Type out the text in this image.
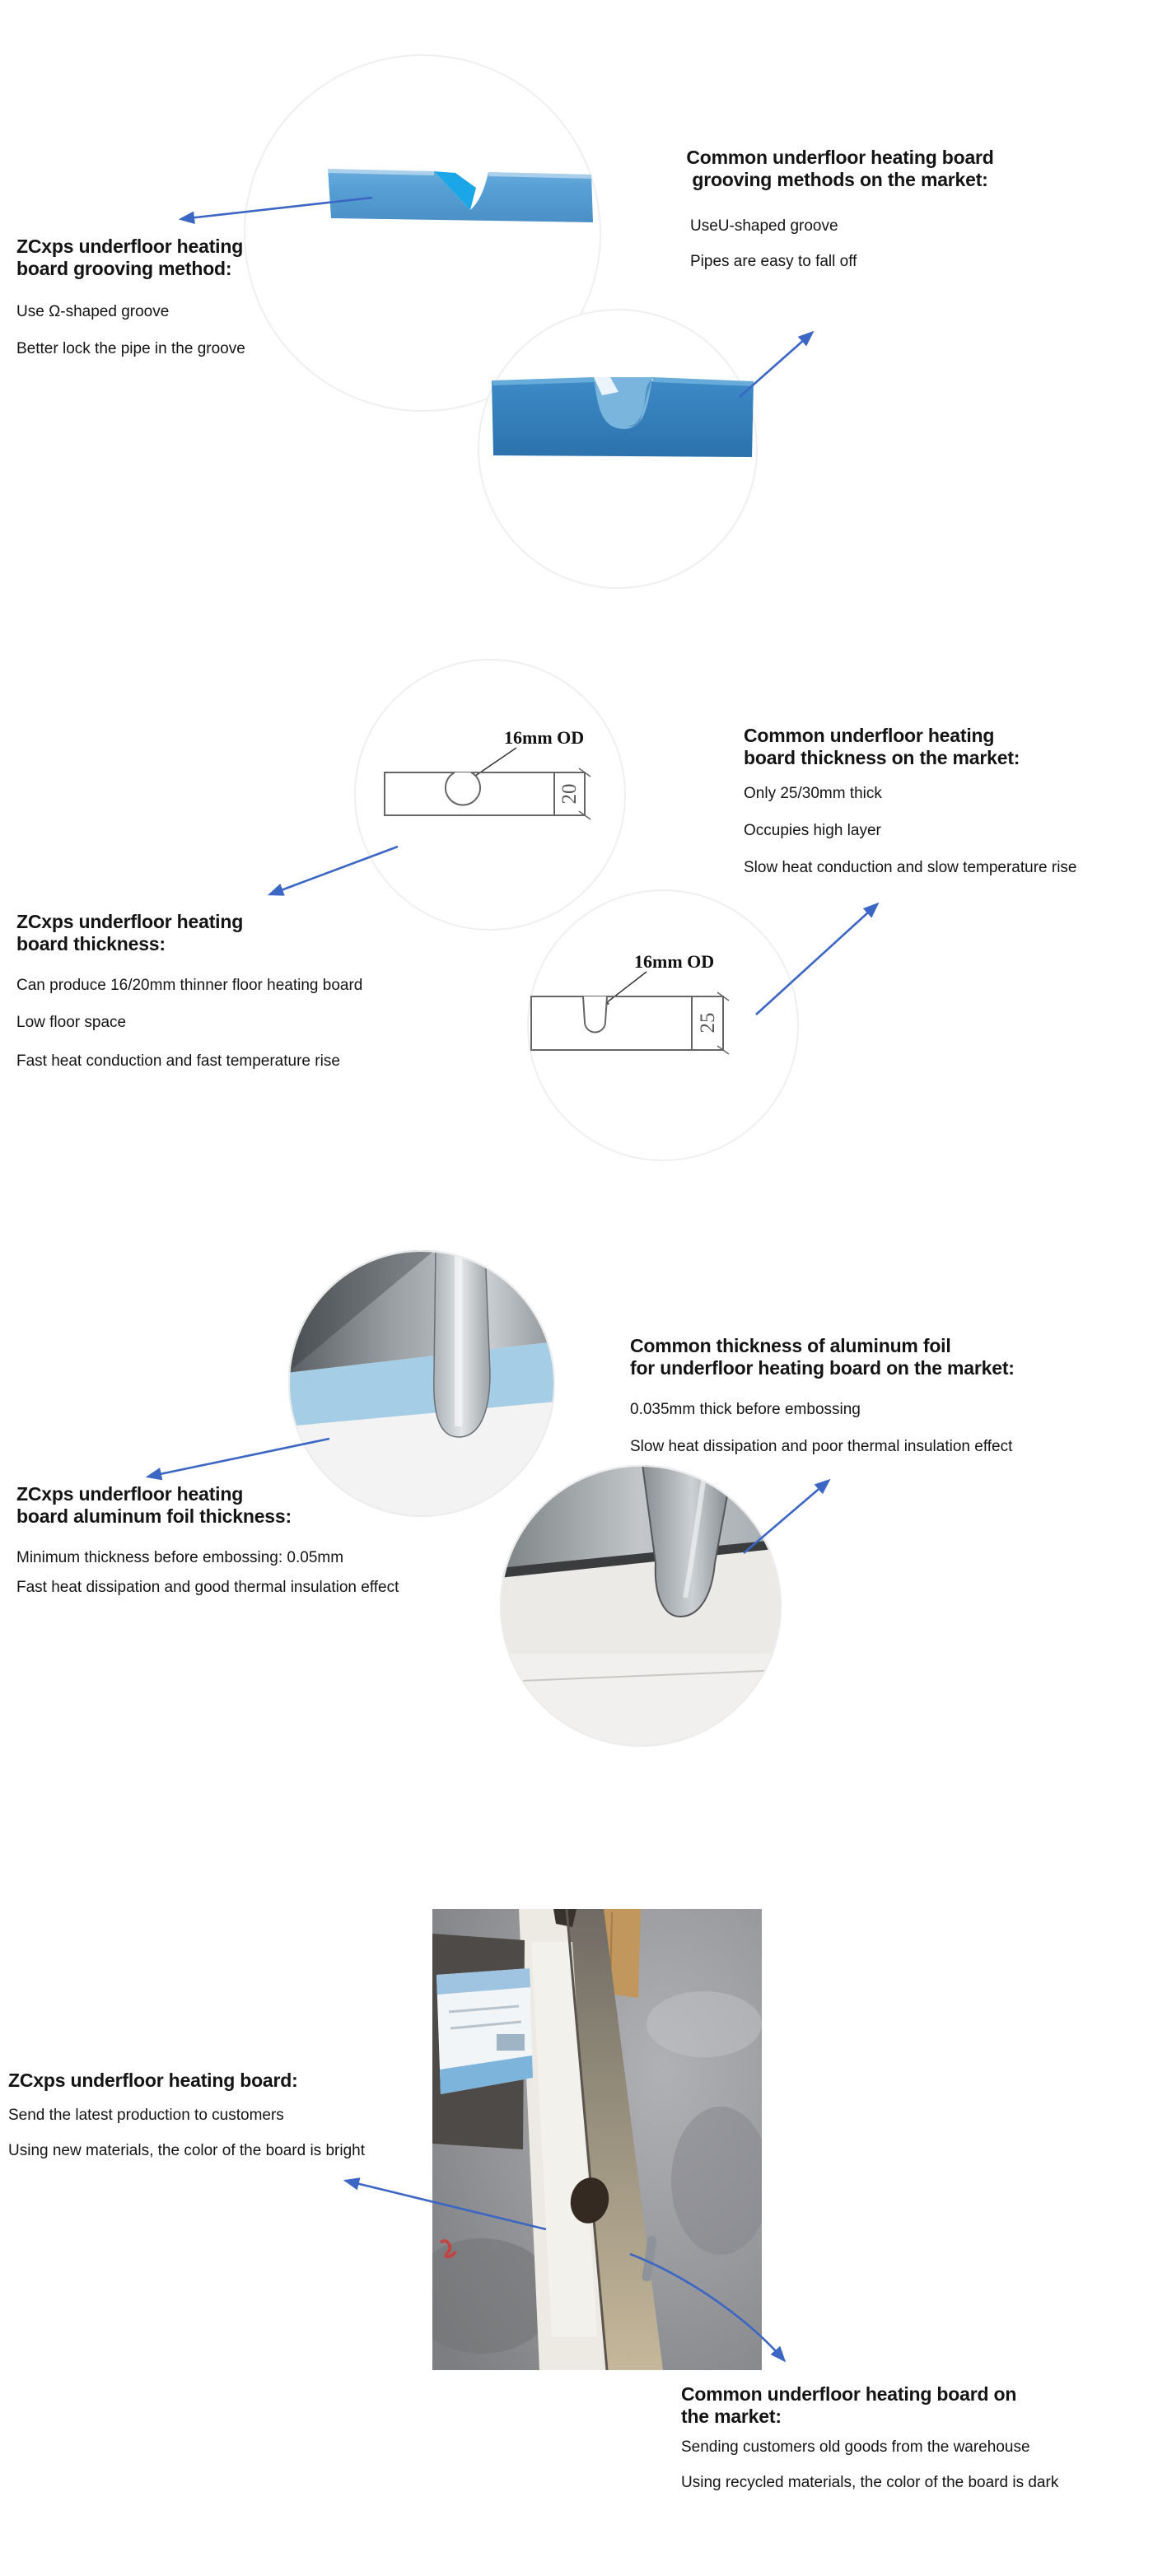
ZCxps underfloor heating
board grooving method:
Use Ω-shaped groove
Better lock the pipe in the groove
Common underfloor heating board
grooving methods on the market:
UseU-shaped groove
Pipes are easy to fall off
16mm OD
20
16mm OD
25
ZCxps underfloor heating
board thickness:
Can produce 16/20mm thinner floor heating board
Low floor space
Fast heat conduction and fast temperature rise
Common underfloor heating
board thickness on the market:
Only 25/30mm thick
Occupies high layer
Slow heat conduction and slow temperature rise
ZCxps underfloor heating
board aluminum foil thickness:
Minimum thickness before embossing: 0.05mm
Fast heat dissipation and good thermal insulation effect
Common thickness of aluminum foil
for underfloor heating board on the market:
0.035mm thick before embossing
Slow heat dissipation and poor thermal insulation effect
ZCxps underfloor heating board:
Send the latest production to customers
Using new materials, the color of the board is bright
Common underfloor heating board on
the market:
Sending customers old goods from the warehouse
Using recycled materials, the color of the board is dark
